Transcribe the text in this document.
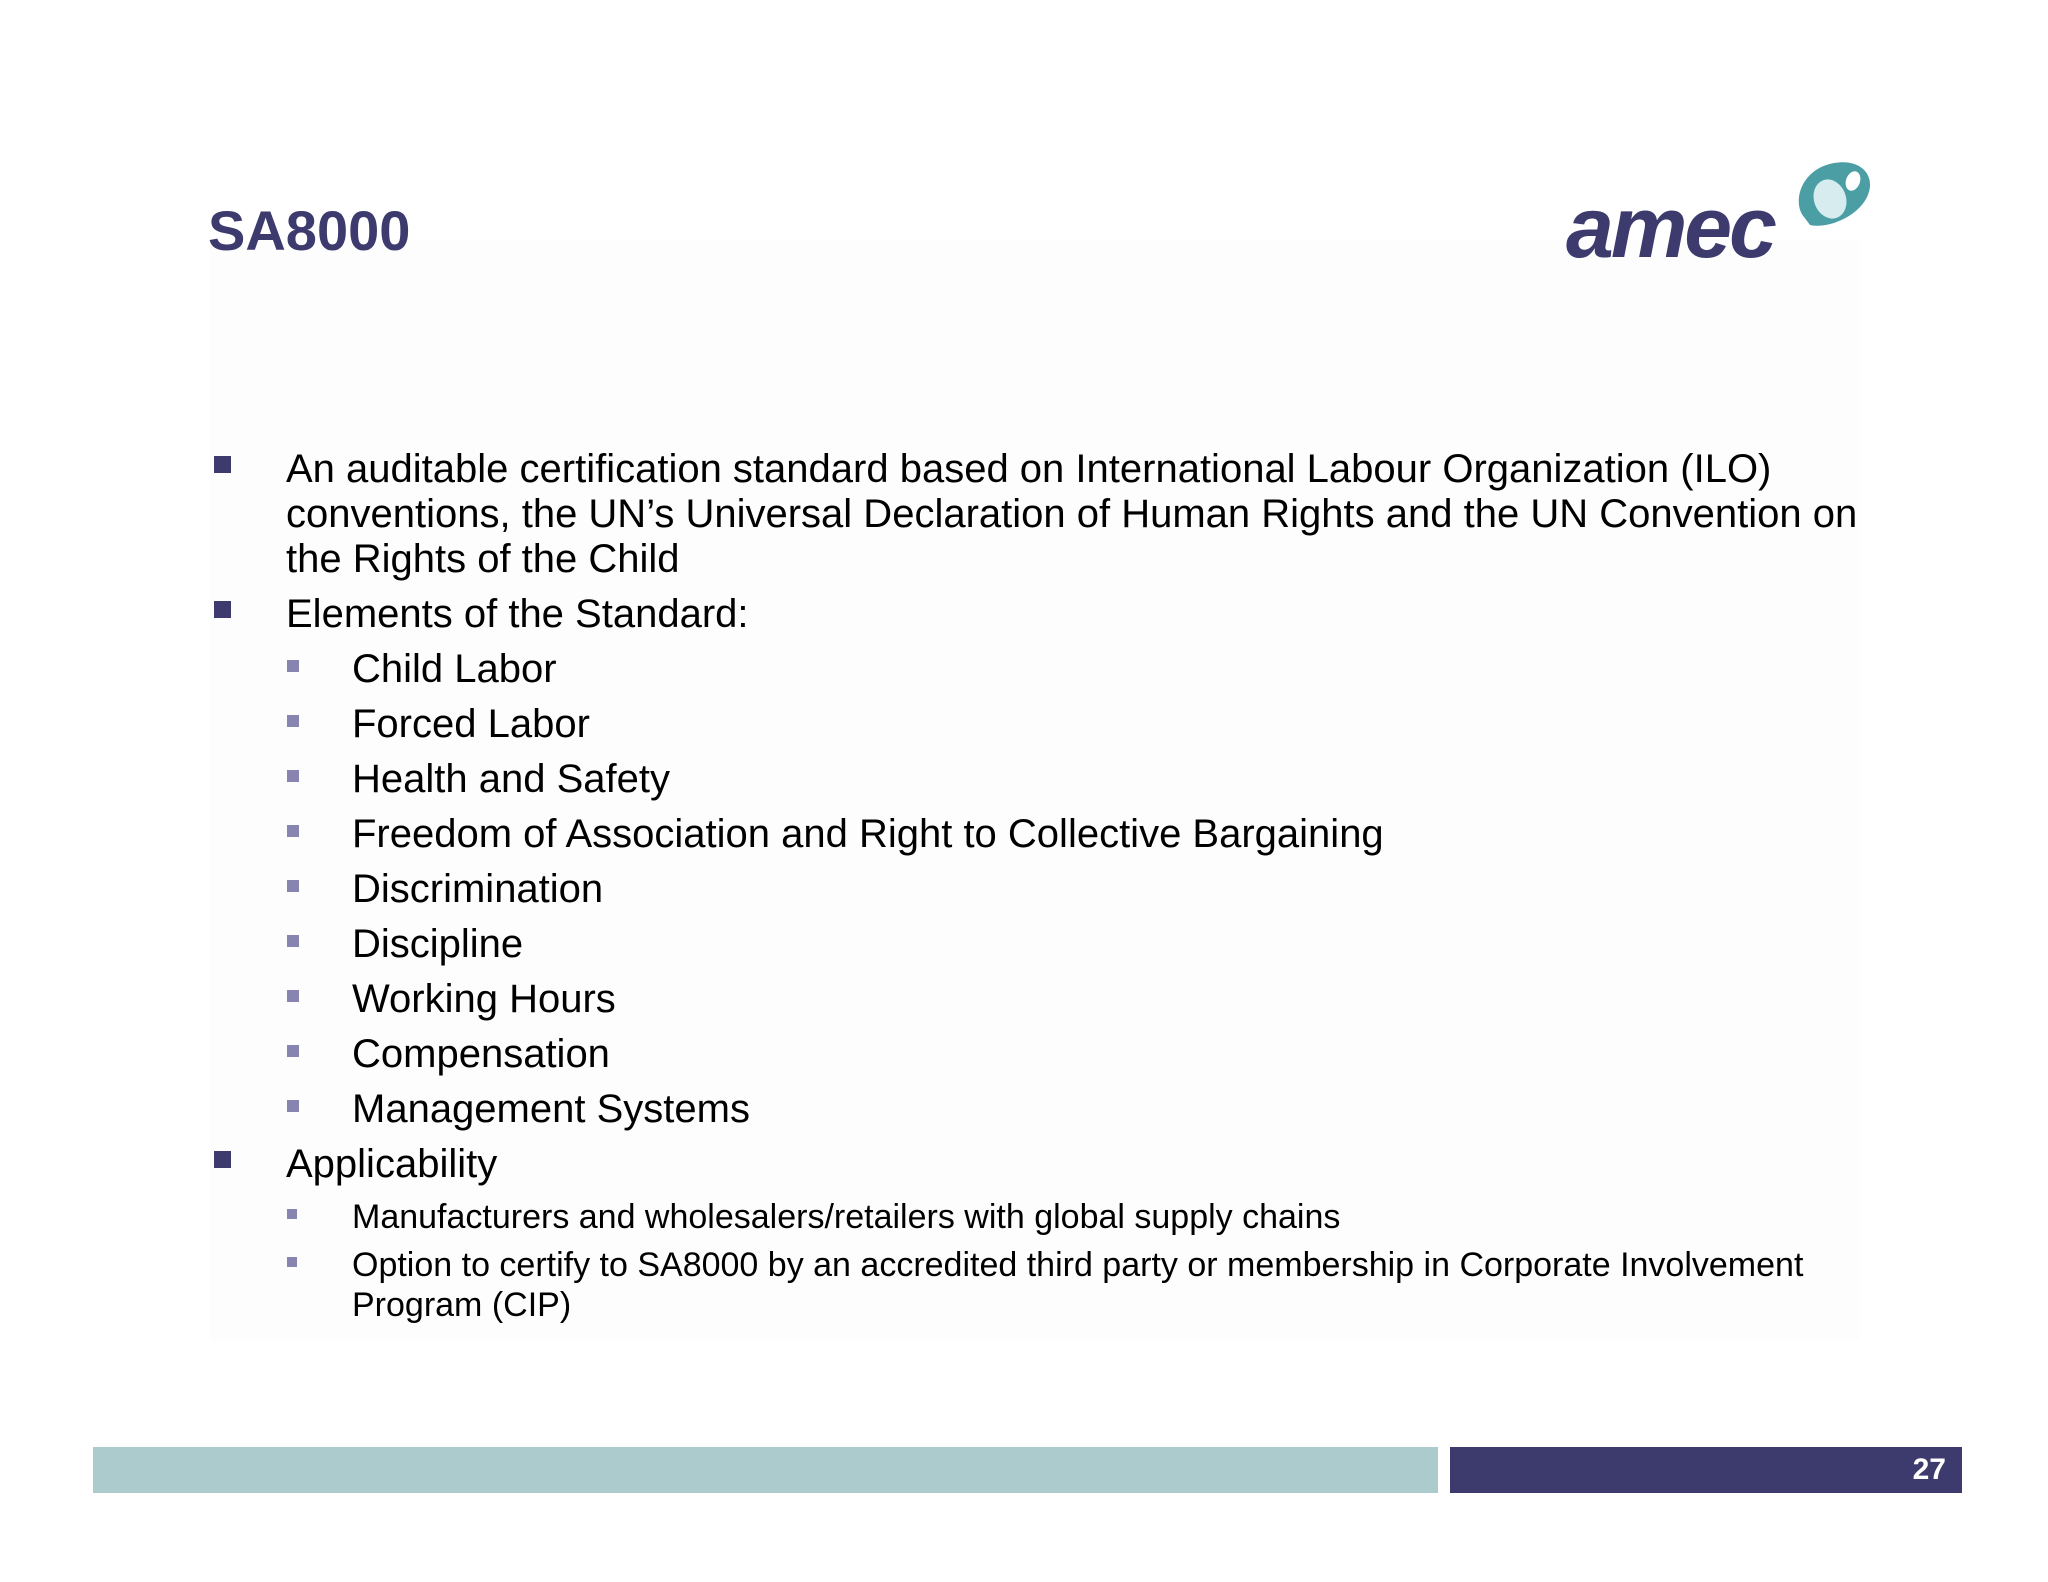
SA8000	amec
An auditable certification standard based on International Labour Organization (ILO) conventions, the UN’s Universal Declaration of Human Rights and the UN Convention on the Rights of the Child
Elements of the Standard:
Child Labor
Forced Labor
Health and Safety
Freedom of Association and Right to Collective Bargaining
Discrimination
Discipline
Working Hours
Compensation
Management Systems
Applicability
Manufacturers and wholesalers/retailers with global supply chains
Option to certify to SA8000 by an accredited third party or membership in Corporate Involvement Program (CIP)
27
